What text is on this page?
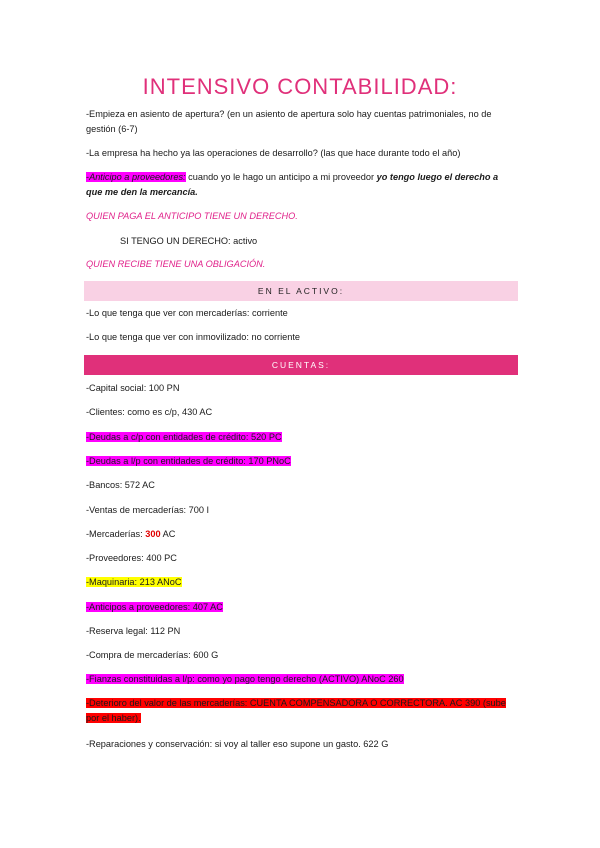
INTENSIVO CONTABILIDAD:
-Empieza en asiento de apertura? (en un asiento de apertura solo hay cuentas patrimoniales, no de gestión (6-7)
-La empresa ha hecho ya las operaciones de desarrollo? (las que hace durante todo el año)
-Anticipo a proveedores: cuando yo le hago un anticipo a mi proveedor yo tengo luego el derecho a que me den la mercancía.
QUIEN PAGA EL ANTICIPO TIENE UN DERECHO.
SI TENGO UN DERECHO: activo
QUIEN RECIBE TIENE UNA OBLIGACIÓN.
EN EL ACTIVO:
-Lo que tenga que ver con mercaderías: corriente
-Lo que tenga que ver con inmovilizado: no corriente
CUENTAS:
-Capital social: 100 PN
-Clientes: como es c/p, 430 AC
-Deudas a c/p con entidades de crédito: 520 PC
-Deudas a l/p con entidades de crédito: 170 PNoC
-Bancos: 572 AC
-Ventas de mercaderías: 700 I
-Mercaderías: 300 AC
-Proveedores: 400 PC
-Maquinaria: 213 ANoC
-Anticipos a proveedores: 407 AC
-Reserva legal: 112 PN
-Compra de mercaderías: 600 G
-Fianzas constituidas a l/p: como yo pago tengo derecho (ACTIVO) ANoC 260
-Deterioro del valor de las mercaderías: CUENTA COMPENSADORA O CORRECTORA. AC 390 (sube por el haber).
-Reparaciones y conservación: si voy al taller eso supone un gasto. 622 G
